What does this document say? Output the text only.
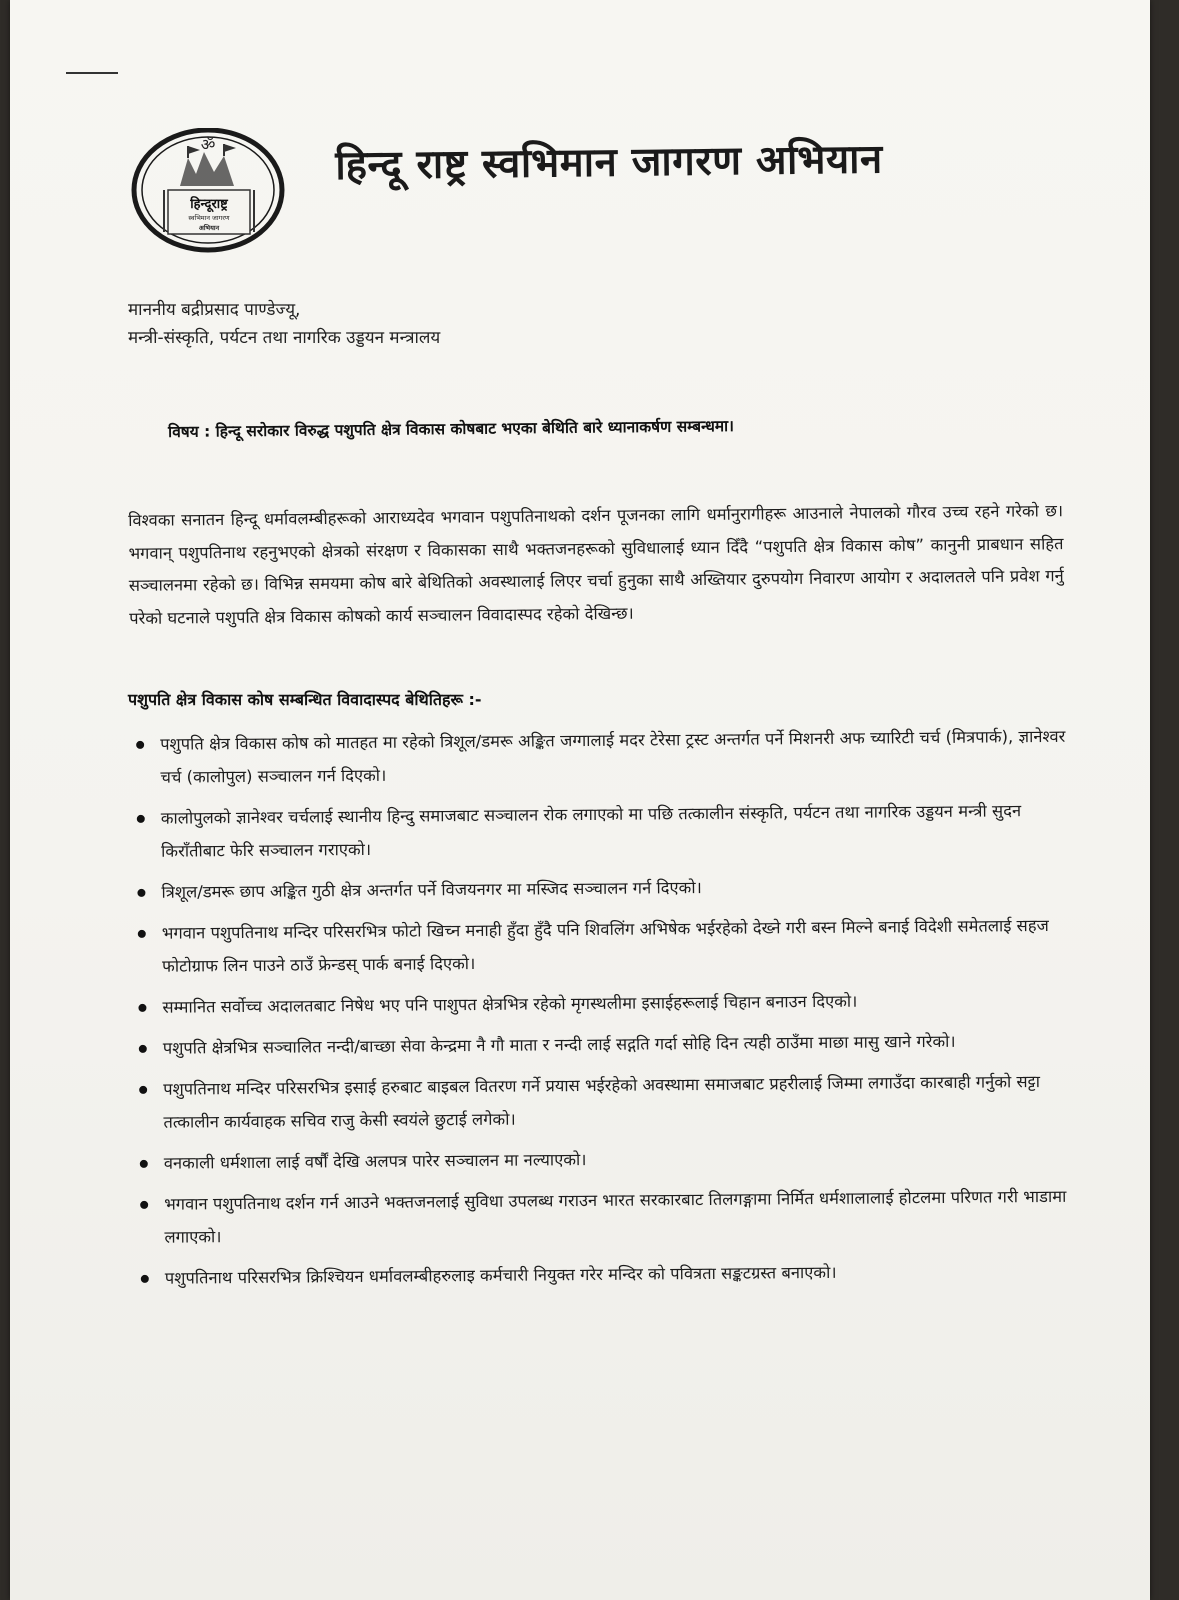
ॐ
हिन्दूराष्ट्र
स्वभिमान जागरण
अभियान
हिन्दू राष्ट्र स्वभिमान जागरण अभियान
माननीय बद्रीप्रसाद पाण्डेज्यू,
मन्त्री-संस्कृति, पर्यटन तथा नागरिक उड्डयन मन्त्रालय
विषय : हिन्दू सरोकार विरुद्ध पशुपति क्षेत्र विकास कोषबाट भएका बेथिति बारे ध्यानाकर्षण सम्बन्धमा।
विश्वका सनातन हिन्दू धर्मावलम्बीहरूको आराध्यदेव भगवान पशुपतिनाथको दर्शन पूजनका लागि धर्मानुरागीहरू आउनाले नेपालको गौरव उच्च रहने गरेको छ। भगवान् पशुपतिनाथ रहनुभएको क्षेत्रको संरक्षण र विकासका साथै भक्तजनहरूको सुविधालाई ध्यान दिँदै “पशुपति क्षेत्र विकास कोष” कानुनी प्राबधान सहित सञ्चालनमा रहेको छ। विभिन्न समयमा कोष बारे बेथितिको अवस्थालाई लिएर चर्चा हुनुका साथै अख्तियार दुरुपयोग निवारण आयोग र अदालतले पनि प्रवेश गर्नु परेको घटनाले पशुपति क्षेत्र विकास कोषको कार्य सञ्चालन विवादास्पद रहेको देखिन्छ।
पशुपति क्षेत्र विकास कोष सम्बन्धित विवादास्पद बेथितिहरू :-
पशुपति क्षेत्र विकास कोष को मातहत मा रहेको त्रिशूल/डमरू अङ्कित जग्गालाई मदर टेरेसा ट्रस्ट अन्तर्गत पर्ने मिशनरी अफ च्यारिटी चर्च (मित्रपार्क), ज्ञानेश्वर चर्च (कालोपुल) सञ्चालन गर्न दिएको।
कालोपुलको ज्ञानेश्वर चर्चलाई स्थानीय हिन्दु समाजबाट सञ्चालन रोक लगाएको मा पछि तत्कालीन संस्कृति, पर्यटन तथा नागरिक उड्डयन मन्त्री सुदन किराँतीबाट फेरि सञ्चालन गराएको।
त्रिशूल/डमरू छाप अङ्कित गुठी क्षेत्र अन्तर्गत पर्ने विजयनगर मा मस्जिद सञ्चालन गर्न दिएको।
भगवान पशुपतिनाथ मन्दिर परिसरभित्र फोटो खिच्न मनाही हुँदा हुँदै पनि शिवलिंग अभिषेक भईरहेको देख्ने गरी बस्न मिल्ने बनाई विदेशी समेतलाई सहज फोटोग्राफ लिन पाउने ठाउँ फ्रेन्डस् पार्क बनाई दिएको।
सम्मानित सर्वोच्च अदालतबाट निषेध भए पनि पाशुपत क्षेत्रभित्र रहेको मृगस्थलीमा इसाईहरूलाई चिहान बनाउन दिएको।
पशुपति क्षेत्रभित्र सञ्चालित नन्दी/बाच्छा सेवा केन्द्रमा नै गौ माता र नन्दी लाई सद्गति गर्दा सोहि दिन त्यही ठाउँमा माछा मासु खाने गरेको।
पशुपतिनाथ मन्दिर परिसरभित्र इसाई हरुबाट बाइबल वितरण गर्ने प्रयास भईरहेको अवस्थामा समाजबाट प्रहरीलाई जिम्मा लगाउँदा कारबाही गर्नुको सट्टा तत्कालीन कार्यवाहक सचिव राजु केसी स्वयंले छुटाई लगेको।
वनकाली धर्मशाला लाई वर्षौं देखि अलपत्र पारेर सञ्चालन मा नल्याएको।
भगवान पशुपतिनाथ दर्शन गर्न आउने भक्तजनलाई सुविधा उपलब्ध गराउन भारत सरकारबाट तिलगङ्गामा निर्मित धर्मशालालाई होटलमा परिणत गरी भाडामा लगाएको।
पशुपतिनाथ परिसरभित्र क्रिश्चियन धर्मावलम्बीहरुलाइ कर्मचारी नियुक्त गरेर मन्दिर को पवित्रता सङ्कटग्रस्त बनाएको।
